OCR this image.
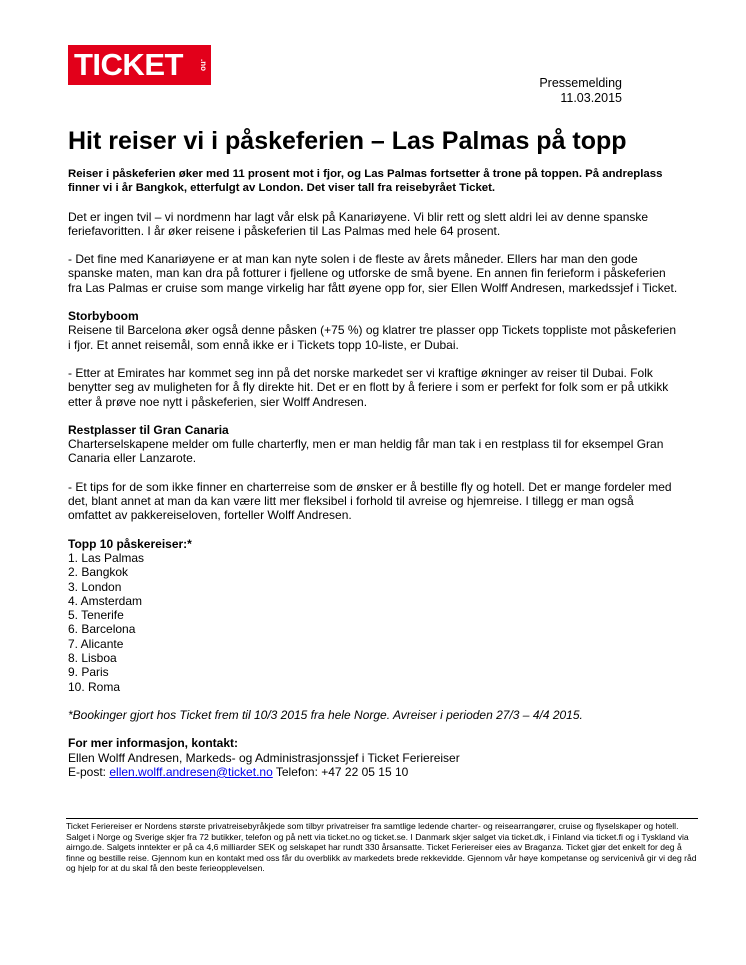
TICKET .no
Pressemelding
11.03.2015
Hit reiser vi i påskeferien – Las Palmas på topp

Reiser i påskeferien øker med 11 prosent mot i fjor, og Las Palmas fortsetter å trone på toppen. På andreplass finner vi i år Bangkok, etterfulgt av London. Det viser tall fra reisebyrået Ticket.

Det er ingen tvil – vi nordmenn har lagt vår elsk på Kanariøyene. Vi blir rett og slett aldri lei av denne spanske feriefavoritten. I år øker reisene i påskeferien til Las Palmas med hele 64 prosent.

- Det fine med Kanariøyene er at man kan nyte solen i de fleste av årets måneder. Ellers har man den gode spanske maten, man kan dra på fotturer i fjellene og utforske de små byene. En annen fin ferieform i påskeferien fra Las Palmas er cruise som mange virkelig har fått øyene opp for, sier Ellen Wolff Andresen, markedssjef i Ticket.

Storbyboom

Reisene til Barcelona øker også denne påsken (+75 %) og klatrer tre plasser opp Tickets toppliste mot påskeferien i fjor. Et annet reisemål, som ennå ikke er i Tickets topp 10-liste, er Dubai.

- Etter at Emirates har kommet seg inn på det norske markedet ser vi kraftige økninger av reiser til Dubai. Folk benytter seg av muligheten for å fly direkte hit. Det er en flott by å feriere i som er perfekt for folk som er på utkikk etter å prøve noe nytt i påskeferien, sier Wolff Andresen.

Restplasser til Gran Canaria

Charterselskapene melder om fulle charterfly, men er man heldig får man tak i en restplass til for eksempel Gran Canaria eller Lanzarote.

- Et tips for de som ikke finner en charterreise som de ønsker er å bestille fly og hotell. Det er mange fordeler med det, blant annet at man da kan være litt mer fleksibel i forhold til avreise og hjemreise. I tillegg er man også omfattet av pakkereiseloven, forteller Wolff Andresen.

Topp 10 påskereiser:*
1. Las Palmas
2. Bangkok
3. London
4. Amsterdam
5. Tenerife
6. Barcelona
7. Alicante
8. Lisboa
9. Paris
10. Roma

*Bookinger gjort hos Ticket frem til 10/3 2015 fra hele Norge. Avreiser i perioden 27/3 – 4/4 2015.

For mer informasjon, kontakt:
Ellen Wolff Andresen, Markeds- og Administrasjonssjef i Ticket Feriereiser
E-post: ellen.wolff.andresen@ticket.no Telefon: +47 22 05 15 10
Ticket Feriereiser er Nordens største privatreisebyråkjede som tilbyr privatreiser fra samtlige ledende charter- og reisearrangører, cruise og flyselskaper og hotell. Salget i Norge og Sverige skjer fra 72 butikker, telefon og på nett via ticket.no og ticket.se. I Danmark skjer salget via ticket.dk, i Finland via ticket.fi og i Tyskland via airngo.de. Salgets inntekter er på ca 4,6 milliarder SEK og selskapet har rundt 330 årsansatte. Ticket Feriereiser eies av Braganza. Ticket gjør det enkelt for deg å finne og bestille reise. Gjennom kun en kontakt med oss får du overblikk av markedets brede rekkevidde. Gjennom vår høye kompetanse og servicenivå gir vi deg råd og hjelp for at du skal få den beste ferieopplevelsen.
